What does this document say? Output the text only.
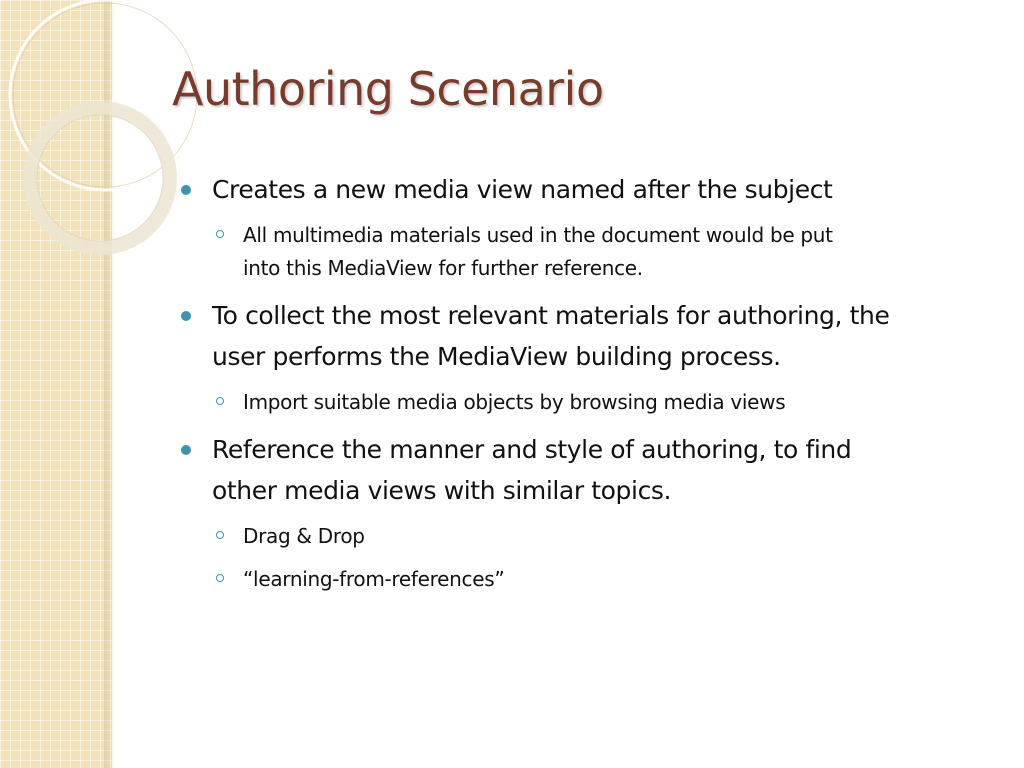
Authoring Scenario
Creates a new media view named after the subject
All multimedia materials used in the document would be put
into this MediaView for further reference.
To collect the most relevant materials for authoring, the
user performs the MediaView building process.
Import suitable media objects by browsing media views
Reference the manner and style of authoring, to find
other media views with similar topics.
Drag & Drop
“learning-from-references”
